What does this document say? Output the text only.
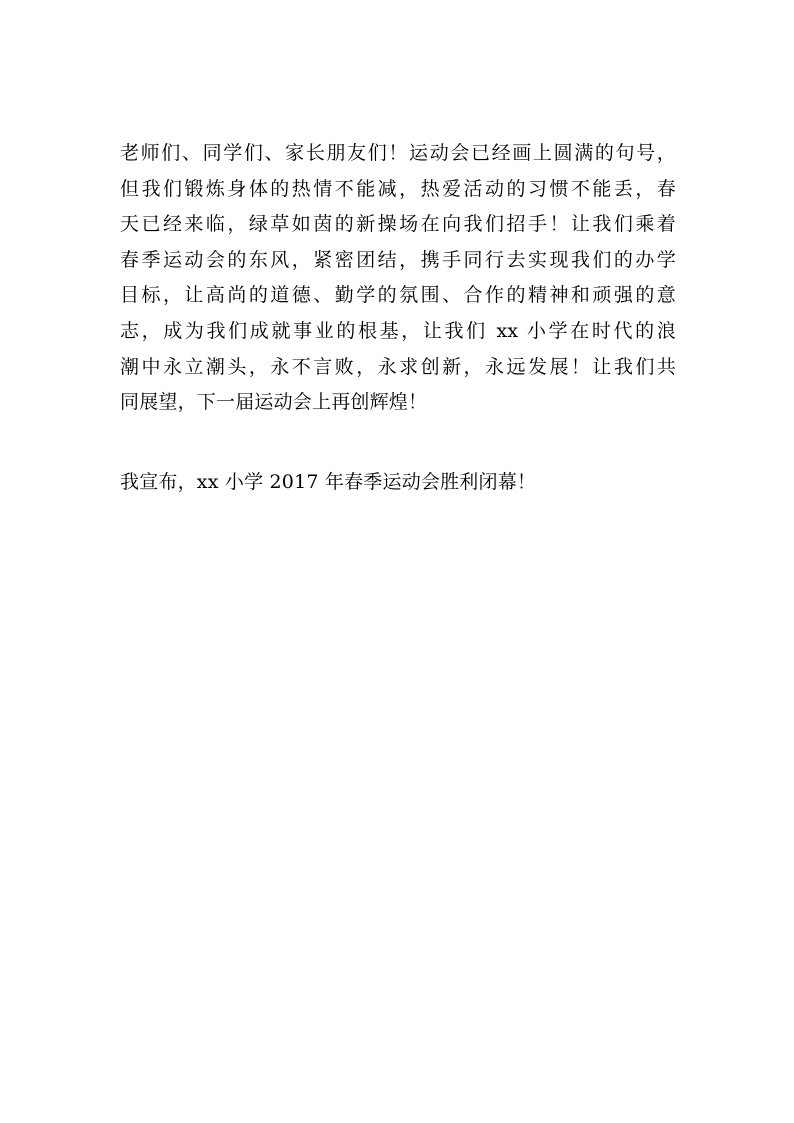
老师们、同学们、家长朋友们！运动会已经画上圆满的句号，
但我们锻炼身体的热情不能减，热爱活动的习惯不能丢，春
天已经来临，绿草如茵的新操场在向我们招手！让我们乘着
春季运动会的东风，紧密团结，携手同行去实现我们的办学
目标，让高尚的道德、勤学的氛围、合作的精神和顽强的意
志，成为我们成就事业的根基，让我们 xx 小学在时代的浪
潮中永立潮头，永不言败，永求创新，永远发展！让我们共
同展望，下一届运动会上再创辉煌！
我宣布，xx 小学 2017 年春季运动会胜利闭幕！
